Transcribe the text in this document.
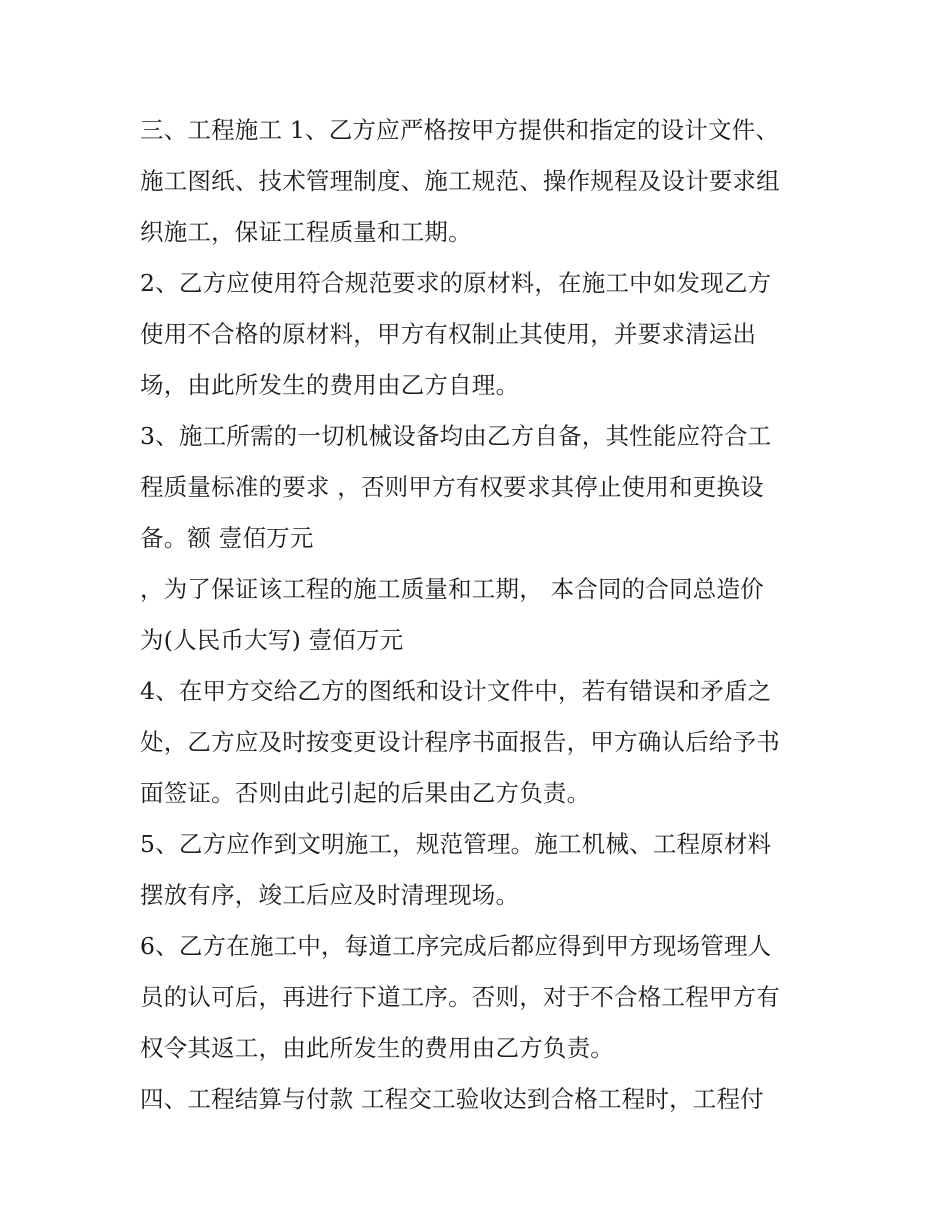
三、工程施工 1、乙方应严格按甲方提供和指定的设计文件、
施工图纸、技术管理制度、施工规范、操作规程及设计要求组
织施工，保证工程质量和工期。
2、乙方应使用符合规范要求的原材料，在施工中如发现乙方
使用不合格的原材料，甲方有权制止其使用，并要求清运出
场，由此所发生的费用由乙方自理。
3、施工所需的一切机械设备均由乙方自备，其性能应符合工
程质量标准的要求 ，否则甲方有权要求其停止使用和更换设
备。额 壹佰万元
，为了保证该工程的施工质量和工期， 本合同的合同总造价
为(人民币大写) 壹佰万元
4、在甲方交给乙方的图纸和设计文件中，若有错误和矛盾之
处，乙方应及时按变更设计程序书面报告，甲方确认后给予书
面签证。否则由此引起的后果由乙方负责。
5、乙方应作到文明施工，规范管理。施工机械、工程原材料
摆放有序，竣工后应及时清理现场。
6、乙方在施工中，每道工序完成后都应得到甲方现场管理人
员的认可后，再进行下道工序。否则，对于不合格工程甲方有
权令其返工，由此所发生的费用由乙方负责。
四、工程结算与付款 工程交工验收达到合格工程时，工程付
